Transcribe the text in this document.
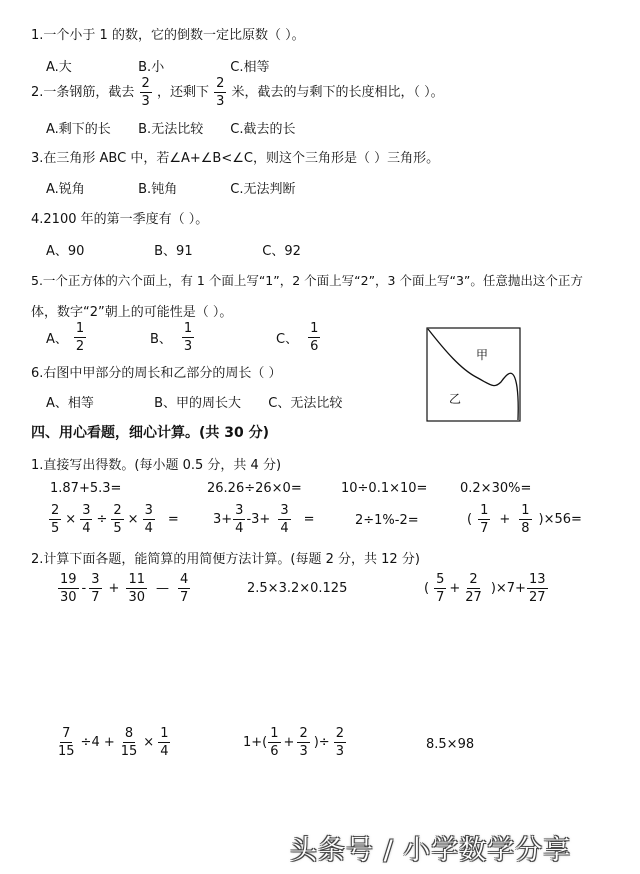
1.一个小于 1 的数，它的倒数一定比原数（ ）。
A.大	B.小	C.相等
2.一条钢筋，截去 $\frac{2}{3}$ ，还剩下 $\frac{2}{3}$ 米，截去的与剩下的长度相比，（ ）。
A.剩下的长 B.无法比较 C.截去的长
3.在三角形 ABC 中，若∠A+∠B<∠C，则这个三角形是（ ）三角形。
A.锐角	B.钝角	C.无法判断
4.2100 年的第一季度有（ ）。
A、90	B、91	C、92
5.一个正方体的六个面上，有 1 个面上写“1”，2 个面上写“2”，3 个面上写“3”。任意抛出这个正方
体，数字“2”朝上的可能性是（ ）。
A、 $\frac{1}{2}$	B、 $\frac{1}{3}$	C、 $\frac{1}{6}$
6.右图中甲部分的周长和乙部分的周长（ ）
A、相等	B、甲的周长大 C、无法比较
甲
乙
四、用心看题，细心计算。(共 30 分)
1.直接写出得数。(每小题 0.5 分，共 4 分)
1.87+5.3=	26.26÷26×0=	10÷0.1×10=	0.2×30%=
$\frac{2}{5} \times \frac{3}{4} \div \frac{2}{5} \times \frac{3}{4}$ =	$3+ \frac{3}{4} -3+ \frac{3}{4}$ =	2÷1%-2=	( $\frac{1}{7} + \frac{1}{8} )\times 56=$
2.计算下面各题，能简算的用简便方法计算。(每题 2 分，共 12 分)
$\frac{19}{30} - \frac{3}{7} + \frac{11}{30}$ — $\frac{4}{7}$	2.5×3.2×0.125	( $\frac{5}{7} + \frac{2}{27} )\times 7+ \frac{13}{27}$
$\frac{7}{15} \div 4 + \frac{8}{15} \times \frac{1}{4}$	$1+( \frac{1}{6} + \frac{2}{3}$ )÷ $\frac{2}{3}$	8.5×98
头条号 / 小学数学分享
